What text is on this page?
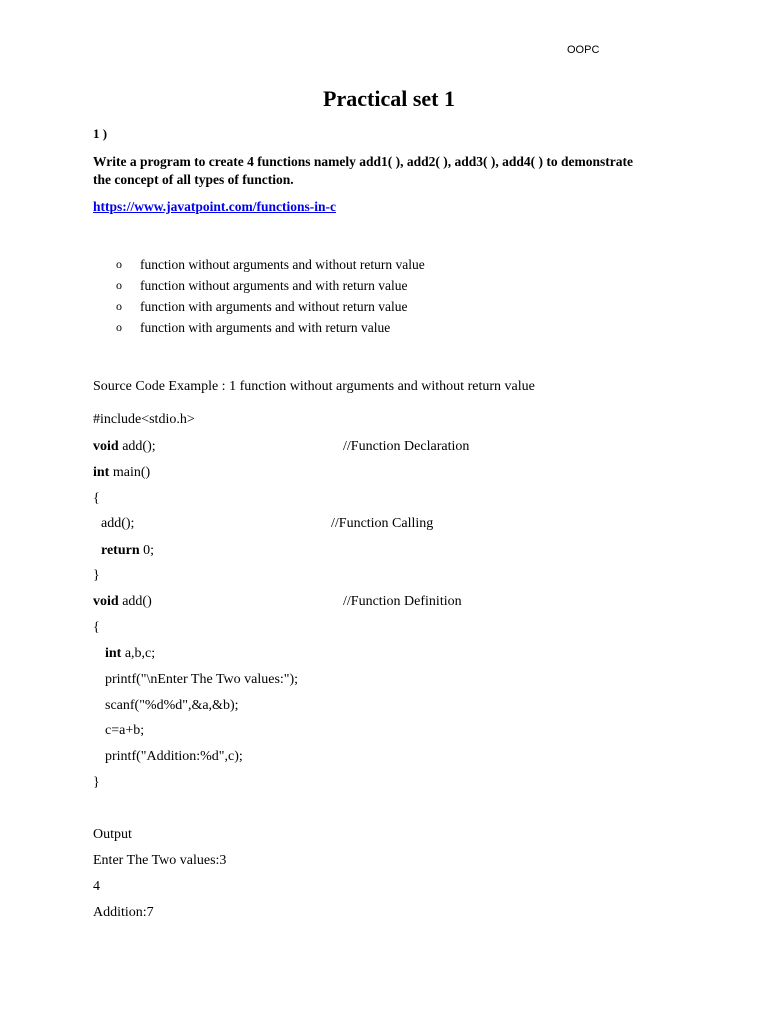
OOPC
Practical set 1
1 )
Write a program to create 4 functions namely add1( ), add2( ), add3( ), add4( ) to demonstrate the concept of all types of function.
https://www.javatpoint.com/functions-in-c
o	function without arguments and without return value
o	function without arguments and with return value
o	function with arguments and without return value
o	function with arguments and with return value
Source Code Example : 1 function without arguments and without return value
#include<stdio.h>
void add();	//Function Declaration
int main()
{
add();	//Function Calling
return 0;
}
void add()	//Function Definition
{
int a,b,c;
printf("\nEnter The Two values:");
scanf("%d%d",&a,&b);
c=a+b;
printf("Addition:%d",c);
}
Output
Enter The Two values:3
4
Addition:7
